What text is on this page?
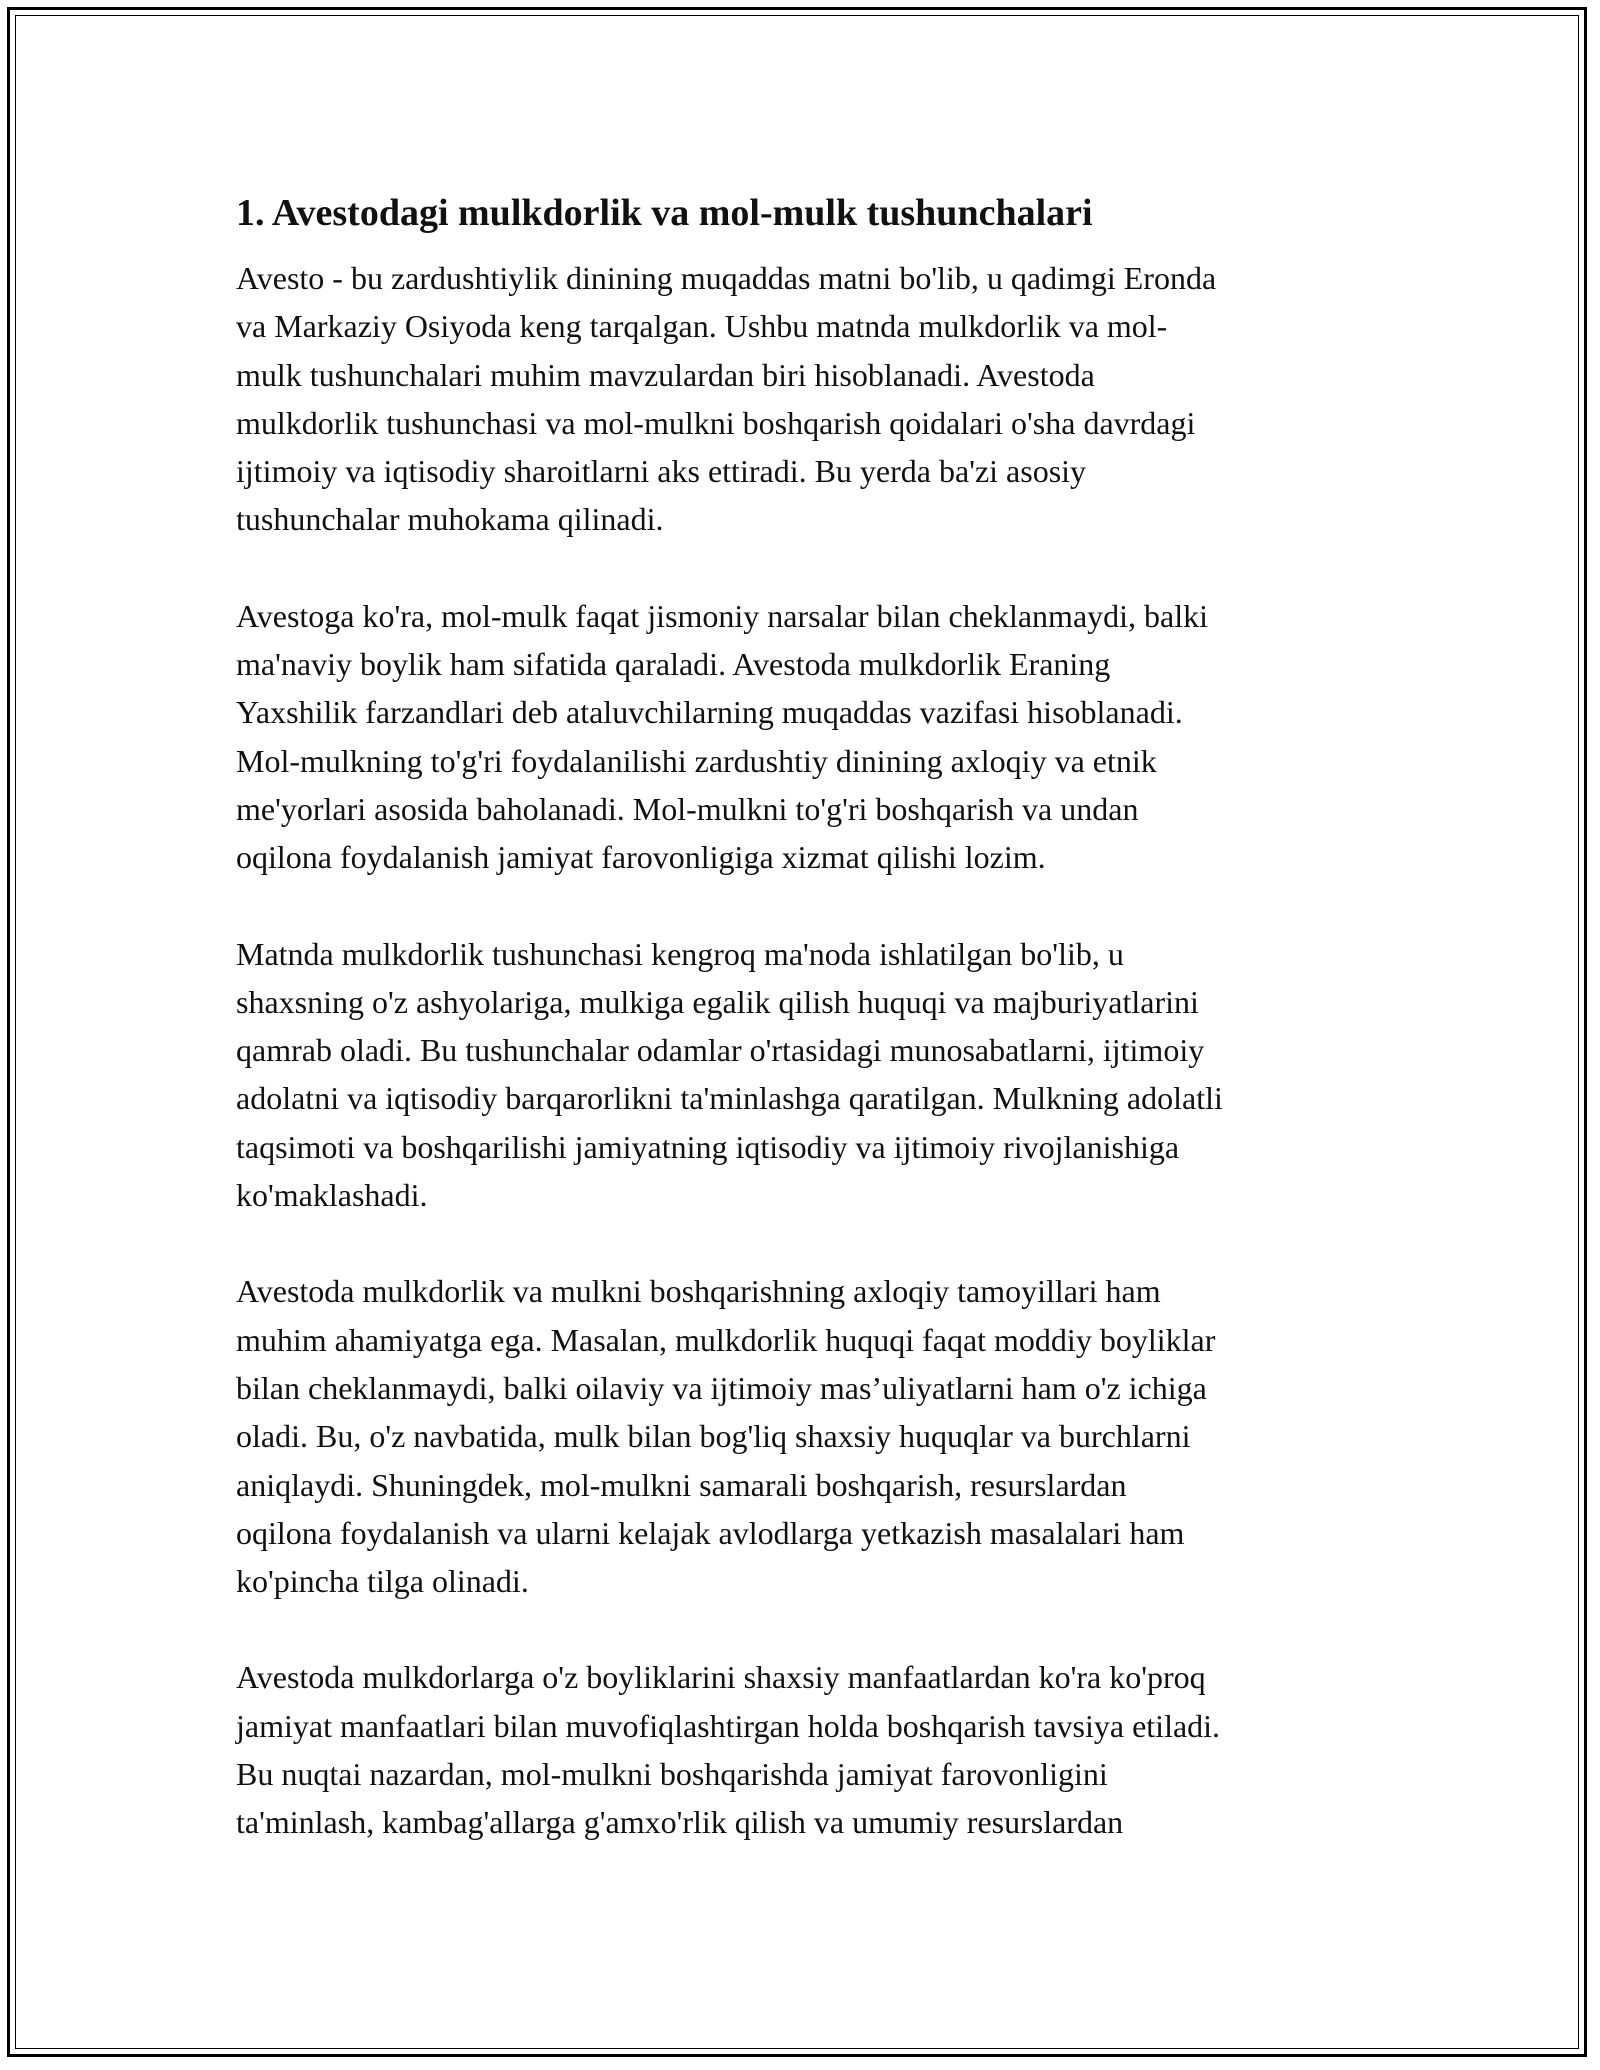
1. Avestodagi mulkdorlik va mol-mulk tushunchalari

Avesto - bu zardushtiylik dinining muqaddas matni bo'lib, u qadimgi Eronda
va Markaziy Osiyoda keng tarqalgan. Ushbu matnda mulkdorlik va mol-
mulk tushunchalari muhim mavzulardan biri hisoblanadi. Avestoda
mulkdorlik tushunchasi va mol-mulkni boshqarish qoidalari o'sha davrdagi
ijtimoiy va iqtisodiy sharoitlarni aks ettiradi. Bu yerda ba'zi asosiy
tushunchalar muhokama qilinadi.

Avestoga ko'ra, mol-mulk faqat jismoniy narsalar bilan cheklanmaydi, balki
ma'naviy boylik ham sifatida qaraladi. Avestoda mulkdorlik Eraning
Yaxshilik farzandlari deb ataluvchilarning muqaddas vazifasi hisoblanadi.
Mol-mulkning to'g'ri foydalanilishi zardushtiy dinining axloqiy va etnik
me'yorlari asosida baholanadi. Mol-mulkni to'g'ri boshqarish va undan
oqilona foydalanish jamiyat farovonligiga xizmat qilishi lozim.

Matnda mulkdorlik tushunchasi kengroq ma'noda ishlatilgan bo'lib, u
shaxsning o'z ashyolariga, mulkiga egalik qilish huquqi va majburiyatlarini
qamrab oladi. Bu tushunchalar odamlar o'rtasidagi munosabatlarni, ijtimoiy
adolatni va iqtisodiy barqarorlikni ta'minlashga qaratilgan. Mulkning adolatli
taqsimoti va boshqarilishi jamiyatning iqtisodiy va ijtimoiy rivojlanishiga
ko'maklashadi.

Avestoda mulkdorlik va mulkni boshqarishning axloqiy tamoyillari ham
muhim ahamiyatga ega. Masalan, mulkdorlik huquqi faqat moddiy boyliklar
bilan cheklanmaydi, balki oilaviy va ijtimoiy mas’uliyatlarni ham o'z ichiga
oladi. Bu, o'z navbatida, mulk bilan bog'liq shaxsiy huquqlar va burchlarni
aniqlaydi. Shuningdek, mol-mulkni samarali boshqarish, resurslardan
oqilona foydalanish va ularni kelajak avlodlarga yetkazish masalalari ham
ko'pincha tilga olinadi.

Avestoda mulkdorlarga o'z boyliklarini shaxsiy manfaatlardan ko'ra ko'proq
jamiyat manfaatlari bilan muvofiqlashtirgan holda boshqarish tavsiya etiladi.
Bu nuqtai nazardan, mol-mulkni boshqarishda jamiyat farovonligini
ta'minlash, kambag'allarga g'amxo'rlik qilish va umumiy resurslardan
